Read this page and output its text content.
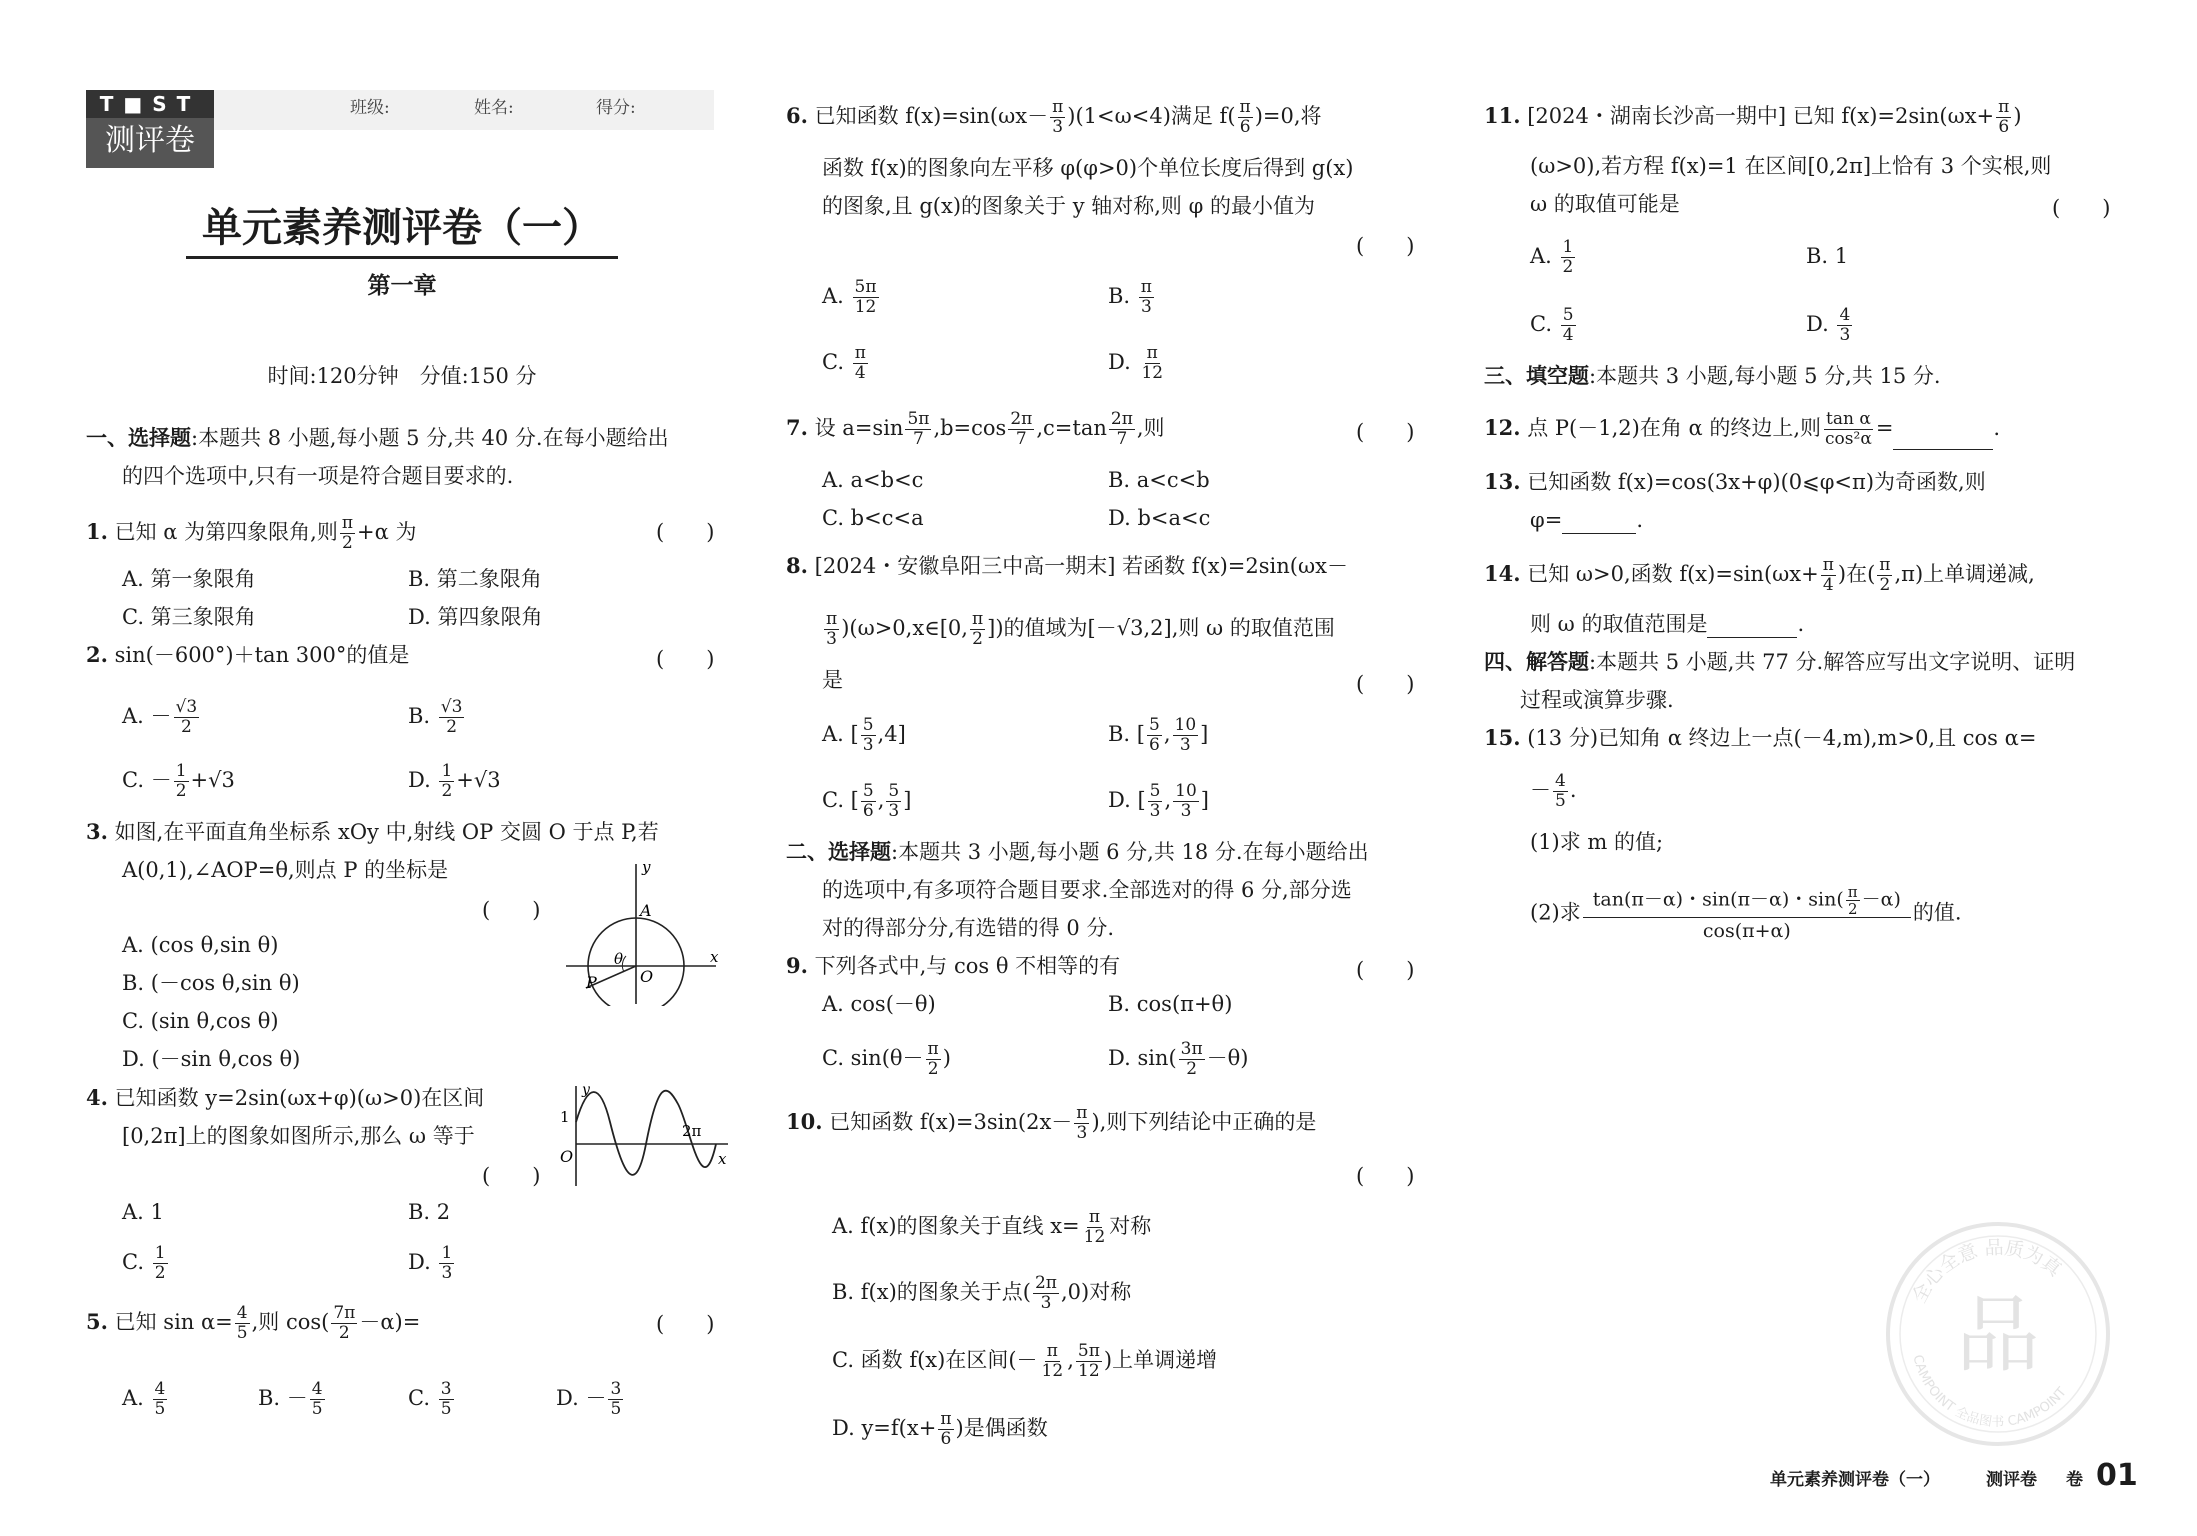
T■ST
测评卷
班级:	姓名:	得分:
单元素养测评卷（一）
第一章
时间:120分钟　分值:150 分
一、选择题:本题共 8 小题,每小题 5 分,共 40 分.在每小题给出
的四个选项中,只有一项是符合题目要求的.
1. 已知 α 为第四象限角,则 $\frac{\pi}{2} +\alpha$ 为	(　　)
A. 第一象限角	B. 第二象限角
C. 第三象限角	D. 第四象限角
2. sin(－600°)＋tan 300°的值是	(　　)
A. － $\frac{√3}{2}$	B. $\frac{√3}{2}$
C. － $\frac{1}{2} +√3$	D. $\frac{1}{2} +√3$
3. 如图,在平面直角坐标系 xOy 中,射线 OP 交圆 O 于点 P,若
A(0,1),∠AOP=θ,则点 P 的坐标是
(　　)
A. (cos θ,sin θ)
B. (－cos θ,sin θ)
C. (sin θ,cos θ)
D. (－sin θ,cos θ)
y
A
θ
O
x
P
4. 已知函数 y=2sin(ωx+φ)(ω>0)在区间
[0,2π]上的图象如图所示,那么 ω 等于
(　　)
A. 1	B. 2
C. $\frac{1}{2}$	D. $\frac{1}{3}$
y
1
O
2π
x
5. 已知 $\sin \alpha= \frac{4}{5}$ ,则 $\cos( \frac{7\pi}{2} -\alpha)=$	(　　)
A. $\frac{4}{5}$	B. － $\frac{4}{5}$	C. $\frac{3}{5}$	D. － $\frac{3}{5}$
6. 已知函数 $f(x)=\sin(\omega x- \frac{\pi}{3} )(1<\omega<4)$满足 $f( \frac{\pi}{6} )=0$,将
函数 f(x)的图象向左平移 φ(φ>0)个单位长度后得到 g(x)
的图象,且 g(x)的图象关于 y 轴对称,则 φ 的最小值为
(　　)
A. $\frac{5\pi}{12}$	B. $\frac{\pi}{3}$
C. $\frac{\pi}{4}$	D. $\frac{\pi}{12}$
7. 设 $a=\sin \frac{5\pi}{7} ,b=\cos \frac{2\pi}{7} ,c=\tan \frac{2\pi}{7}$ ,则	(　　)
A. a<b<c	B. a<c<b
C. b<c<a	D. b<a<c
8. [2024・安徽阜阳三中高一期末] 若函数 f(x)=2sin(ωx－
$\frac{\pi}{3}$ )(ω>0,x∈[0, $\frac{\pi}{2}$ ])的值域为[－√3,2],则 ω 的取值范围
是	(　　)
A. [ $\frac{5}{3} ,4$]	B. [ $\frac{5}{6}$ , $\frac{10}{3}$ ]
C. [ $\frac{5}{6}$ , $\frac{5}{3}$ ]	D. [ $\frac{5}{3}$ , $\frac{10}{3}$ ]
二、选择题:本题共 3 小题,每小题 6 分,共 18 分.在每小题给出
的选项中,有多项符合题目要求.全部选对的得 6 分,部分选
对的得部分分,有选错的得 0 分.
9. 下列各式中,与 cos θ 不相等的有	(　　)
A. cos(－θ)	B. cos(π+θ)
C. $\sin(\theta- \frac{\pi}{2}$ )	D. $\sin( \frac{3\pi}{2} -\theta)$
10. 已知函数 $f(x)=3\sin(2x- \frac{\pi}{3}$ ),则下列结论中正确的是
(　　)
A. f(x)的图象关于直线 $x= \frac{\pi}{12}$ 对称
B. f(x)的图象关于点( $\frac{2\pi}{3} ,0$)对称
C. 函数 f(x)在区间(－ $\frac{\pi}{12}$ , $\frac{5\pi}{12}$ )上单调递增
D. $y=f(x+ \frac{\pi}{6}$ )是偶函数
11. [2024・湖南长沙高一期中] 已知 $f(x)=2\sin(\omega x+ \frac{\pi}{6}$ )
(ω>0),若方程 f(x)=1 在区间[0,2π]上恰有 3 个实根,则
ω 的取值可能是	(　　)
A. $\frac{1}{2}$	B. 1
C. $\frac{5}{4}$	D. $\frac{4}{3}$
三、填空题:本题共 3 小题,每小题 5 分,共 15 分.
12. 点 P(－1,2)在角 α 的终边上,则 $\frac{\text{tan α}}{\text{cos²α}}$ =	.
13. 已知函数 f(x)=cos(3x+φ)(0⩽φ<π)为奇函数,则
φ=	.
14. 已知 ω>0,函数 $f(x)=\sin(\omega x+ \frac{\pi}{4}$ )在( $\frac{\pi}{2} ,\pi$)上单调递减,
则 ω 的取值范围是	.
四、解答题:本题共 5 小题,共 77 分.解答应写出文字说明、证明
过程或演算步骤.
15. (13 分)已知角 α 终边上一点(－4,m),m>0,且 cos α=
－ $\frac{4}{5}$ .
(1)求 m 的值;
(2)求 $\frac{\tan(\pi-\alpha)・\sin(\pi-\alpha)・\sin( \frac{\pi}{2} -\alpha)}{\cos(\pi+\alpha)}$ 的值.
全心全意 品质为真
CAMPOINT 全品图书 CAMPOINT
品
单元素养测评卷（一）	测评卷 卷 01
